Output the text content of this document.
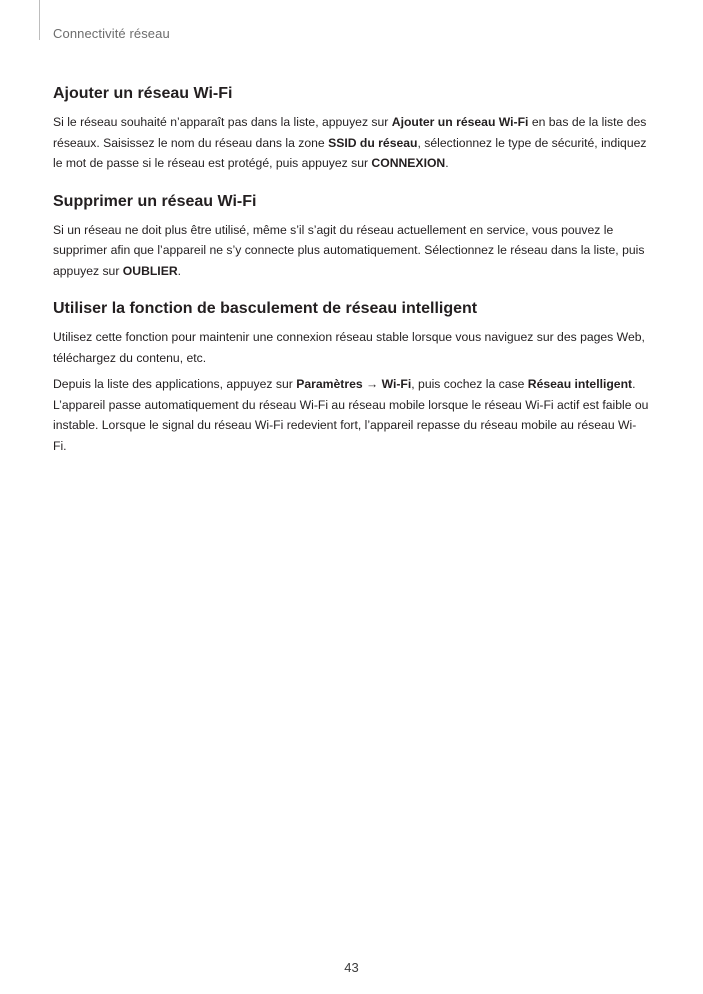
Connectivité réseau
Ajouter un réseau Wi-Fi

Si le réseau souhaité n’apparaît pas dans la liste, appuyez sur Ajouter un réseau Wi-Fi en bas de la liste des réseaux. Saisissez le nom du réseau dans la zone SSID du réseau, sélectionnez le type de sécurité, indiquez le mot de passe si le réseau est protégé, puis appuyez sur CONNEXION.

Supprimer un réseau Wi-Fi

Si un réseau ne doit plus être utilisé, même s’il s’agit du réseau actuellement en service, vous pouvez le supprimer afin que l’appareil ne s’y connecte plus automatiquement. Sélectionnez le réseau dans la liste, puis appuyez sur OUBLIER.

Utiliser la fonction de basculement de réseau intelligent

Utilisez cette fonction pour maintenir une connexion réseau stable lorsque vous naviguez sur des pages Web, téléchargez du contenu, etc.

Depuis la liste des applications, appuyez sur Paramètres → Wi-Fi, puis cochez la case Réseau intelligent. L’appareil passe automatiquement du réseau Wi-Fi au réseau mobile lorsque le réseau Wi-Fi actif est faible ou instable. Lorsque le signal du réseau Wi-Fi redevient fort, l’appareil repasse du réseau mobile au réseau Wi-Fi.

43
